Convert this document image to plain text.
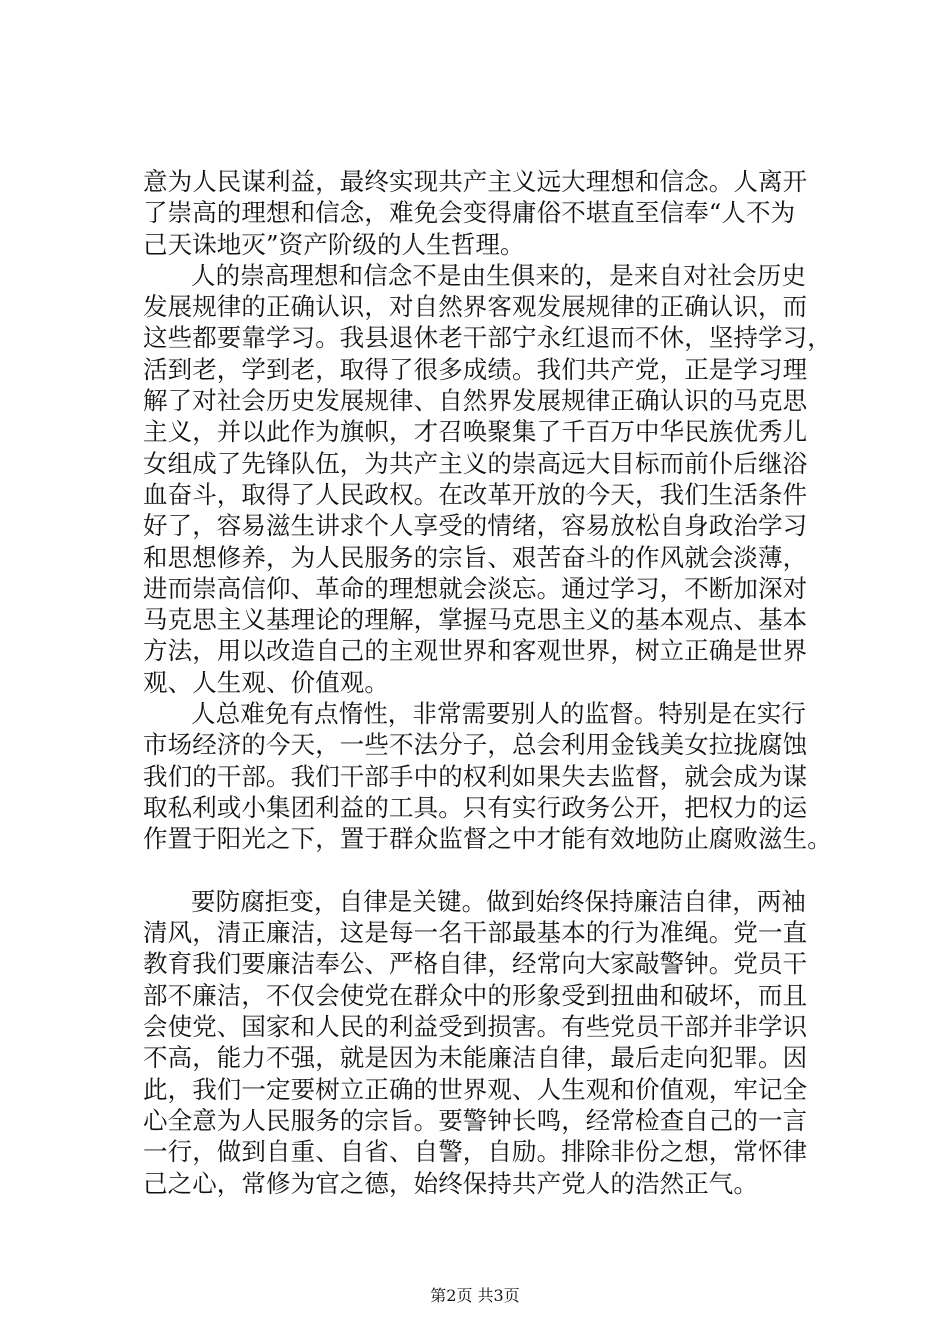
意为人民谋利益，最终实现共产主义远大理想和信念。人离开
了崇高的理想和信念，难免会变得庸俗不堪直至信奉“人不为
己天诛地灭”资产阶级的人生哲理。
人的崇高理想和信念不是由生俱来的，是来自对社会历史
发展规律的正确认识，对自然界客观发展规律的正确认识，而
这些都要靠学习。我县退休老干部宁永红退而不休，坚持学习，
活到老，学到老，取得了很多成绩。我们共产党，正是学习理
解了对社会历史发展规律、自然界发展规律正确认识的马克思
主义，并以此作为旗帜，才召唤聚集了千百万中华民族优秀儿
女组成了先锋队伍，为共产主义的崇高远大目标而前仆后继浴
血奋斗，取得了人民政权。在改革开放的今天，我们生活条件
好了，容易滋生讲求个人享受的情绪，容易放松自身政治学习
和思想修养，为人民服务的宗旨、艰苦奋斗的作风就会淡薄，
进而崇高信仰、革命的理想就会淡忘。通过学习，不断加深对
马克思主义基理论的理解，掌握马克思主义的基本观点、基本
方法，用以改造自己的主观世界和客观世界，树立正确是世界
观、人生观、价值观。
人总难免有点惰性，非常需要别人的监督。特别是在实行
市场经济的今天，一些不法分子，总会利用金钱美女拉拢腐蚀
我们的干部。我们干部手中的权利如果失去监督，就会成为谋
取私利或小集团利益的工具。只有实行政务公开，把权力的运
作置于阳光之下，置于群众监督之中才能有效地防止腐败滋生。
要防腐拒变，自律是关键。做到始终保持廉洁自律，两袖
清风，清正廉洁，这是每一名干部最基本的行为准绳。党一直
教育我们要廉洁奉公、严格自律，经常向大家敲警钟。党员干
部不廉洁，不仅会使党在群众中的形象受到扭曲和破坏，而且
会使党、国家和人民的利益受到损害。有些党员干部并非学识
不高，能力不强，就是因为未能廉洁自律，最后走向犯罪。因
此，我们一定要树立正确的世界观、人生观和价值观，牢记全
心全意为人民服务的宗旨。要警钟长鸣，经常检查自己的一言
一行，做到自重、自省、自警，自励。排除非份之想，常怀律
己之心，常修为官之德，始终保持共产党人的浩然正气。
第2页 共3页
